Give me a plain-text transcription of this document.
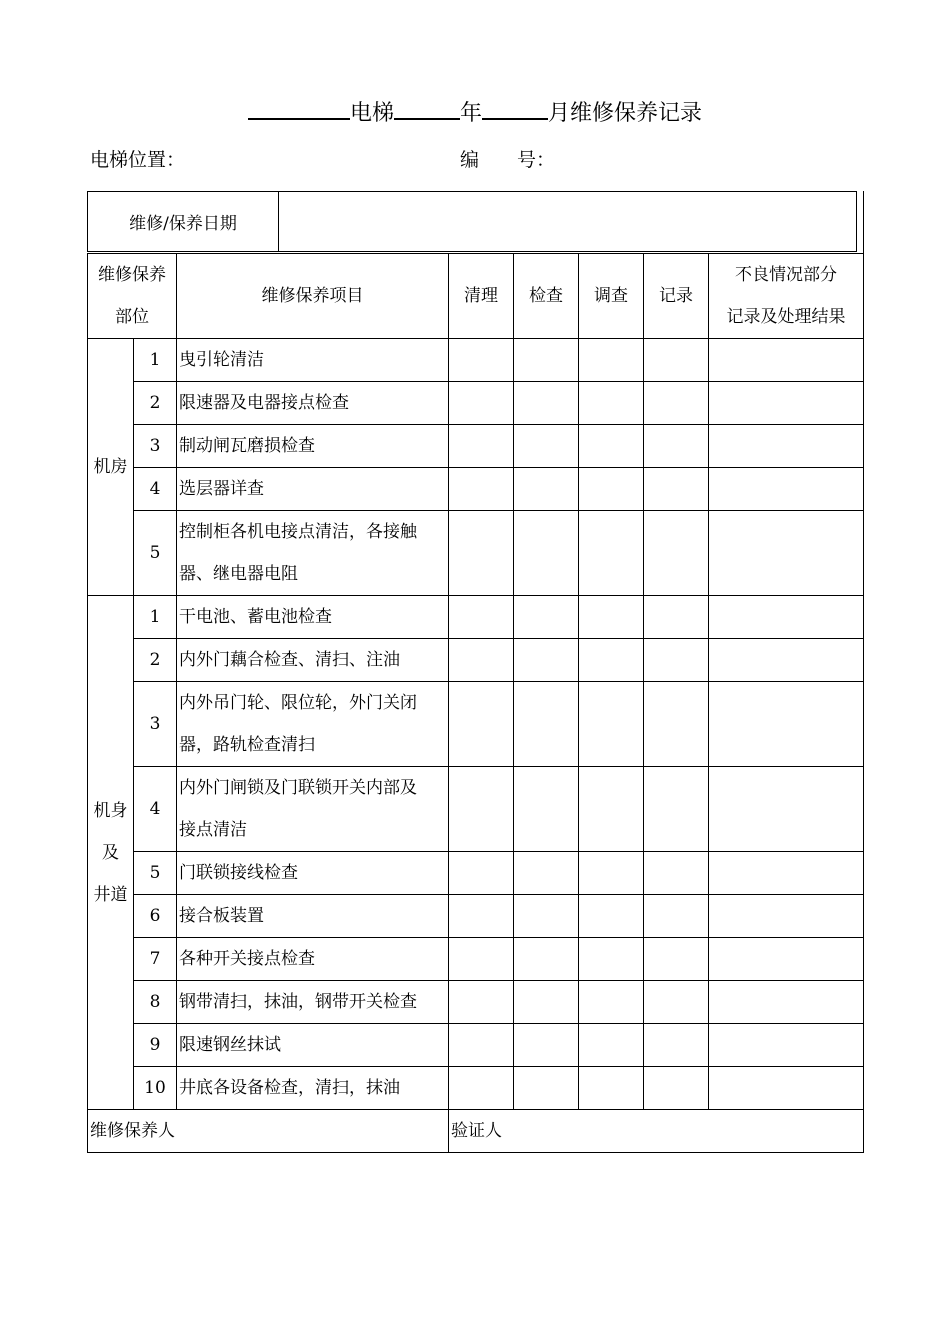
电梯	年	月维修保养记录
电梯位置：	编　　号：
维修/保养日期
维修保养
部位		维修保养项目	清理	检查	调查	记录	不良情况部分
记录及处理结果
机房	1	曳引轮清洁					
	2	限速器及电器接点检查					
	3	制动闸瓦磨损检查					
	4	选层器详查					
	5	控制柜各机电接点清洁，各接触
器、继电器电阻					
机身
及
井道	1	干电池、蓄电池检查					
	2	内外门藕合检查、清扫、注油					
	3	内外吊门轮、限位轮，外门关闭
器，路轨检查清扫					
	4	内外门闸锁及门联锁开关内部及
接点清洁					
	5	门联锁接线检查					
	6	接合板装置					
	7	各种开关接点检查					
	8	钢带清扫，抹油，钢带开关检查					
	9	限速钢丝抹试					
	10	井底各设备检查，清扫，抹油					
维修保养人			验证人				
